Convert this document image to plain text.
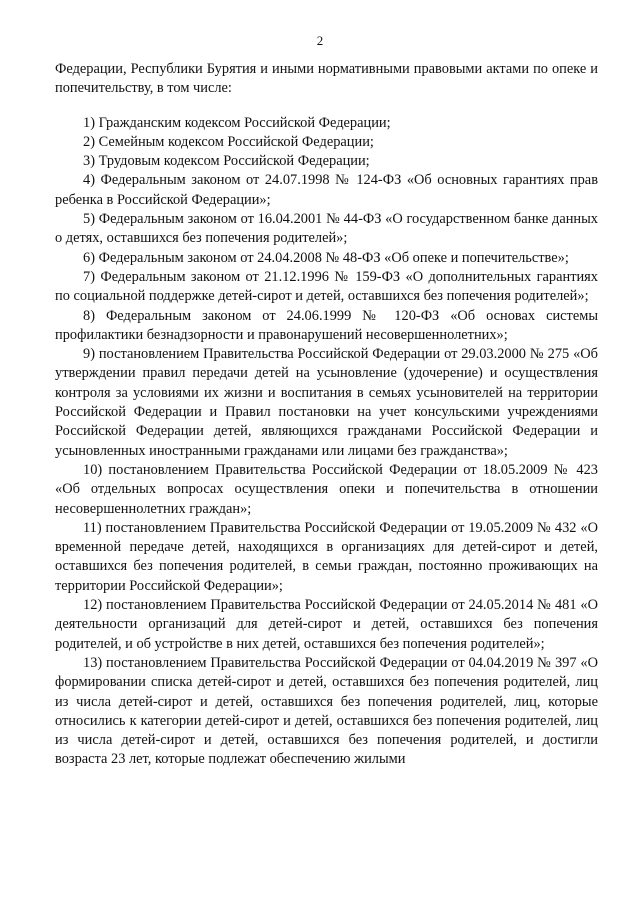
2

Федерации, Республики Бурятия и иными нормативными правовыми актами по опеке и попечительству, в том числе:

1) Гражданским кодексом Российской Федерации;

2) Семейным кодексом Российской Федерации;

3) Трудовым кодексом Российской Федерации;

4) Федеральным законом от 24.07.1998 № 124-ФЗ «Об основных гарантиях прав ребенка в Российской Федерации»;

5) Федеральным законом от 16.04.2001 № 44-ФЗ «О государственном банке данных о детях, оставшихся без попечения родителей»;

6) Федеральным законом от 24.04.2008 № 48-ФЗ «Об опеке и попечительстве»;

7) Федеральным законом от 21.12.1996 № 159-ФЗ «О дополнительных гарантиях по социальной поддержке детей-сирот и детей, оставшихся без попечения родителей»;

8) Федеральным законом от 24.06.1999 № 120-ФЗ «Об основах системы профилактики безнадзорности и правонарушений несовершеннолетних»;

9) постановлением Правительства Российской Федерации от 29.03.2000 № 275 «Об утверждении правил передачи детей на усыновление (удочерение) и осуществления контроля за условиями их жизни и воспитания в семьях усыновителей на территории Российской Федерации и Правил постановки на учет консульскими учреждениями Российской Федерации детей, являющихся гражданами Российской Федерации и усыновленных иностранными гражданами или лицами без гражданства»;

10) постановлением Правительства Российской Федерации от 18.05.2009 № 423 «Об отдельных вопросах осуществления опеки и попечительства в отношении несовершеннолетних граждан»;

11) постановлением Правительства Российской Федерации от 19.05.2009 № 432 «О временной передаче детей, находящихся в организациях для детей-сирот и детей, оставшихся без попечения родителей, в семьи граждан, постоянно проживающих на территории Российской Федерации»;

12) постановлением Правительства Российской Федерации от 24.05.2014 № 481 «О деятельности организаций для детей-сирот и детей, оставшихся без попечения родителей, и об устройстве в них детей, оставшихся без попечения родителей»;

13) постановлением Правительства Российской Федерации от 04.04.2019 № 397 «О формировании списка детей-сирот и детей, оставшихся без попечения родителей, лиц из числа детей-сирот и детей, оставшихся без попечения родителей, лиц, которые относились к категории детей-сирот и детей, оставшихся без попечения родителей, лиц из числа детей-сирот и детей, оставшихся без попечения родителей, и достигли возраста 23 лет, которые подлежат обеспечению жилыми
